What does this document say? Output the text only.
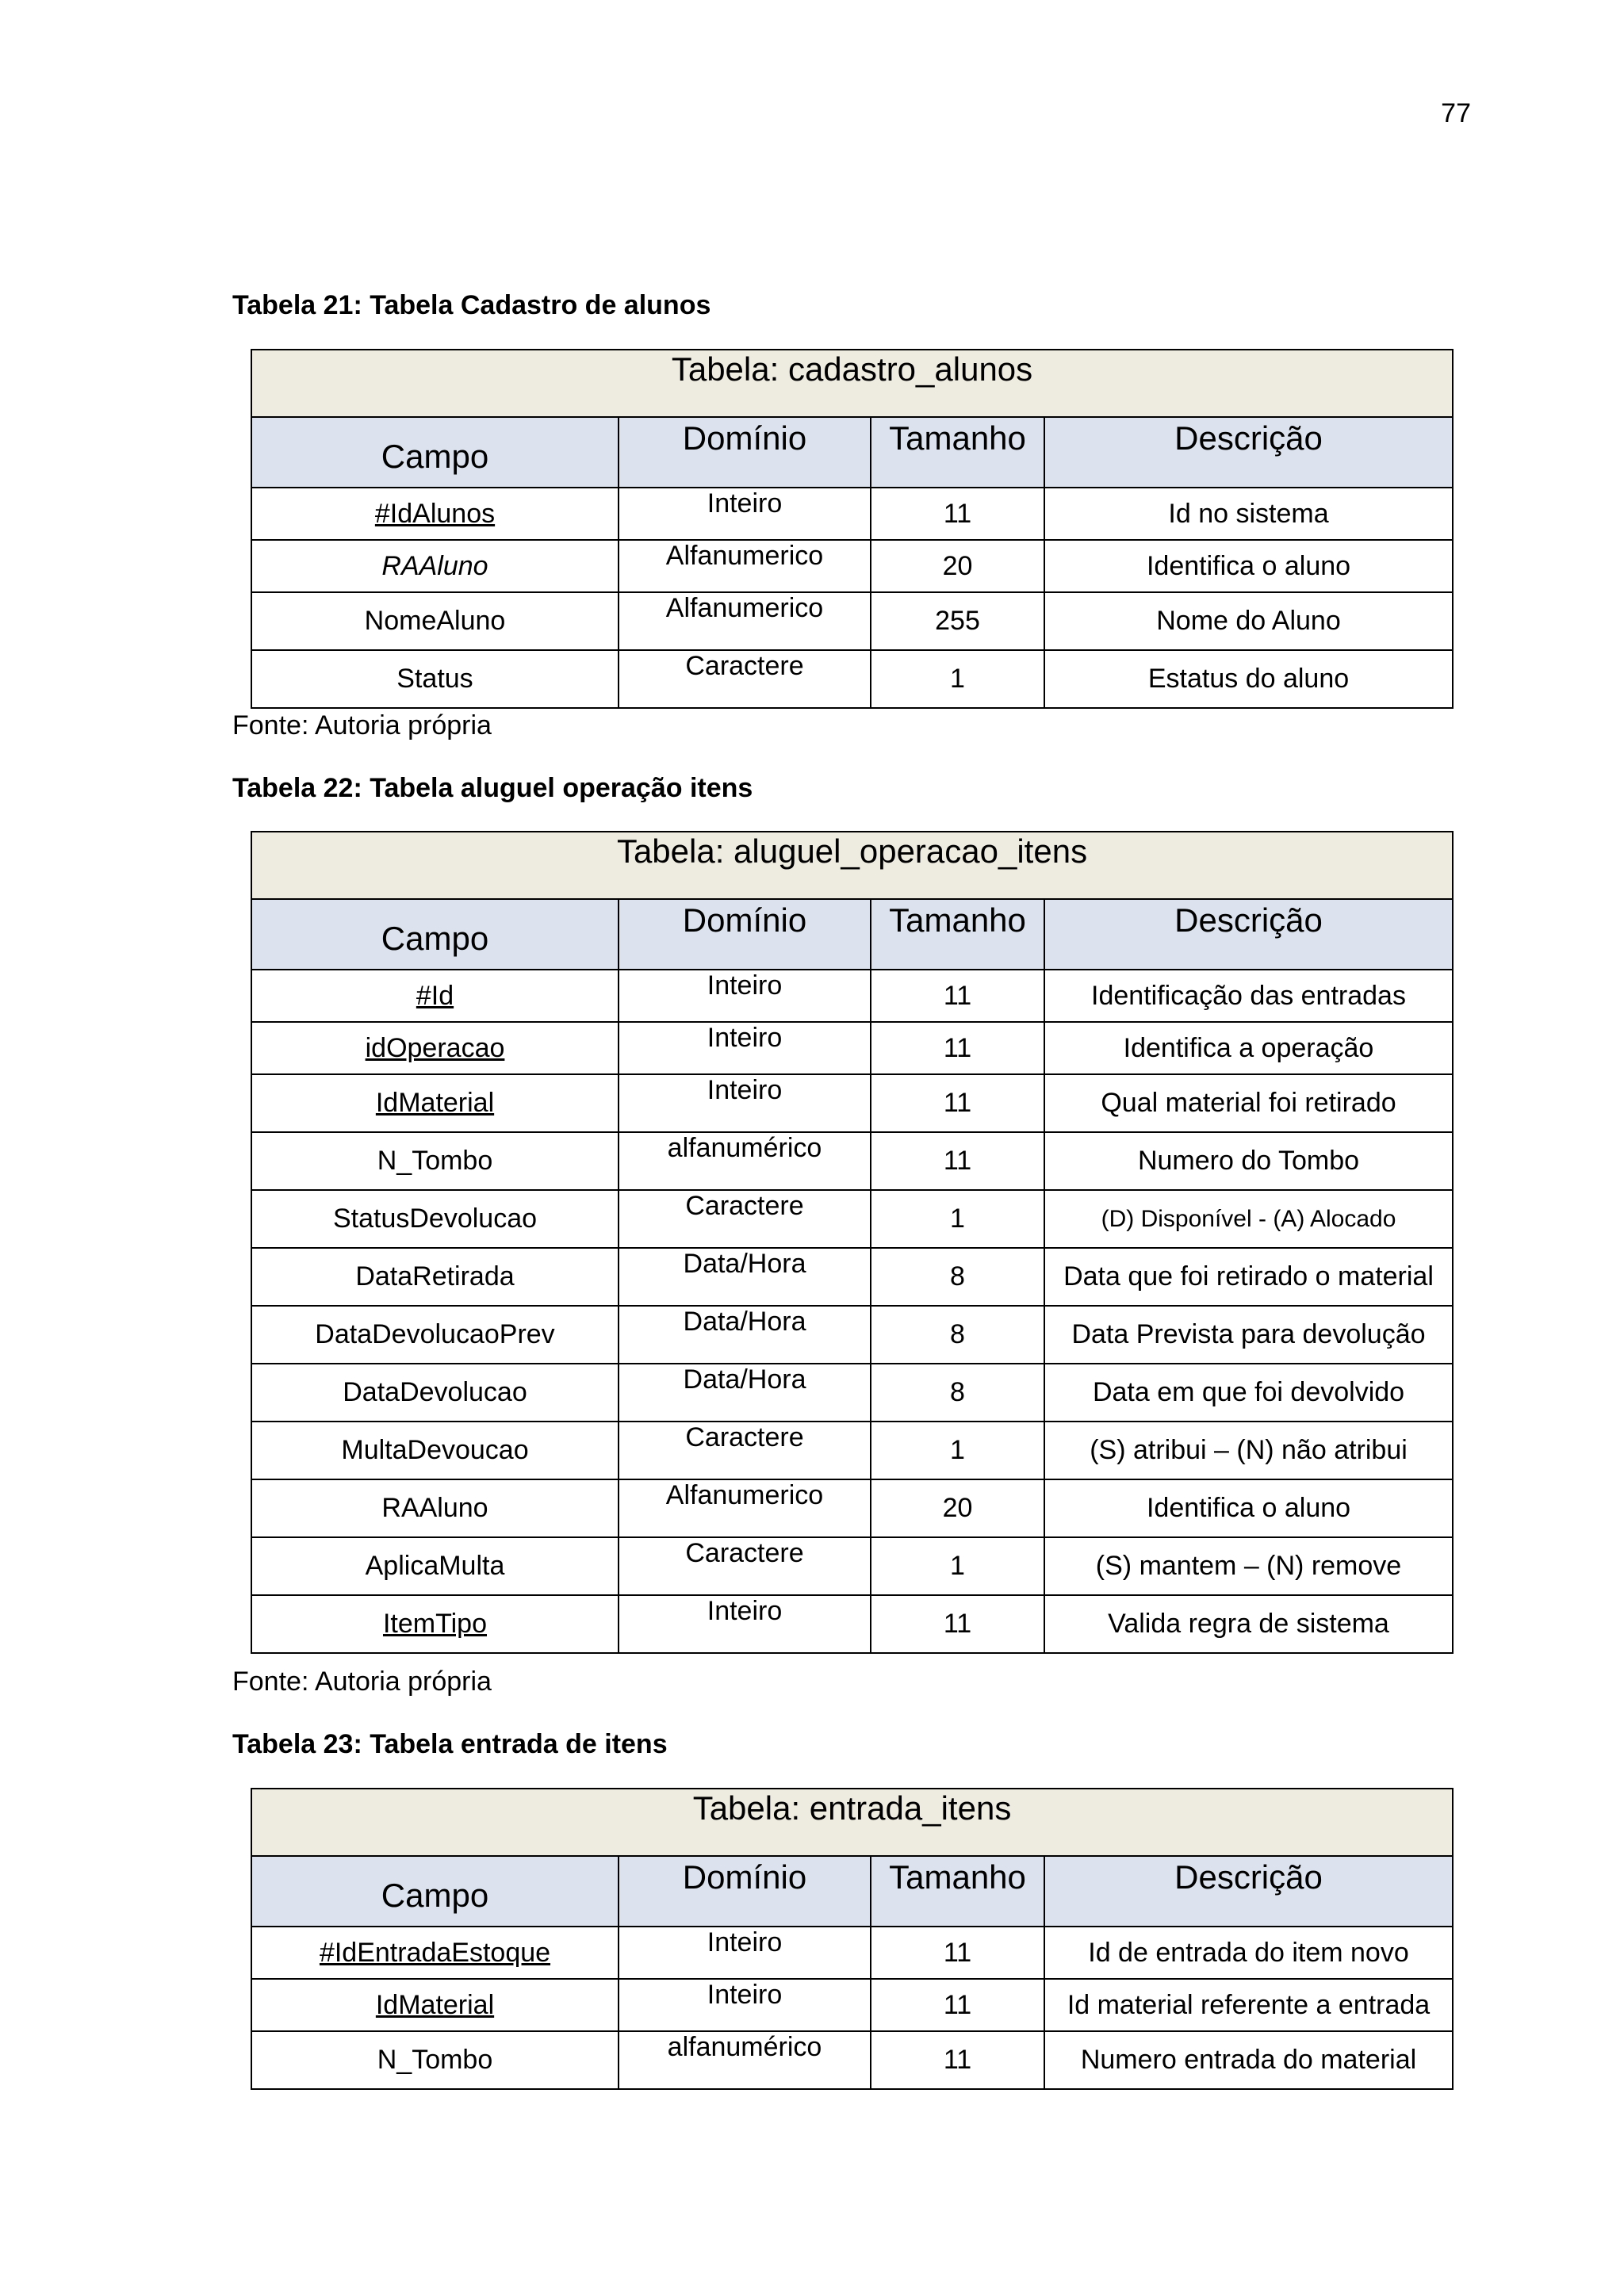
77

Tabela 21: Tabela Cadastro de alunos

Tabela: cadastro_alunos			
Campo	Domínio	Tamanho	Descrição
#IdAlunos	Inteiro	11	Id no sistema
RAAluno	Alfanumerico	20	Identifica o aluno
NomeAluno	Alfanumerico	255	Nome do Aluno
Status	Caractere	1	Estatus do aluno

Fonte: Autoria própria

Tabela 22: Tabela aluguel operação itens

Tabela: aluguel_operacao_itens			
Campo	Domínio	Tamanho	Descrição
#Id	Inteiro	11	Identificação das entradas
idOperacao	Inteiro	11	Identifica a operação
IdMaterial	Inteiro	11	Qual material foi retirado
N_Tombo	alfanumérico	11	Numero do Tombo
StatusDevolucao	Caractere	1	(D) Disponível - (A) Alocado
DataRetirada	Data/Hora	8	Data que foi retirado o material
DataDevolucaoPrev	Data/Hora	8	Data Prevista para devolução
DataDevolucao	Data/Hora	8	Data em que foi devolvido
MultaDevoucao	Caractere	1	(S) atribui – (N) não atribui
RAAluno	Alfanumerico	20	Identifica o aluno
AplicaMulta	Caractere	1	(S) mantem – (N) remove
ItemTipo	Inteiro	11	Valida regra de sistema

Fonte: Autoria própria

Tabela 23: Tabela entrada de itens

Tabela: entrada_itens			
Campo	Domínio	Tamanho	Descrição
#IdEntradaEstoque	Inteiro	11	Id de entrada do item novo
IdMaterial	Inteiro	11	Id material referente a entrada
N_Tombo	alfanumérico	11	Numero entrada do material
